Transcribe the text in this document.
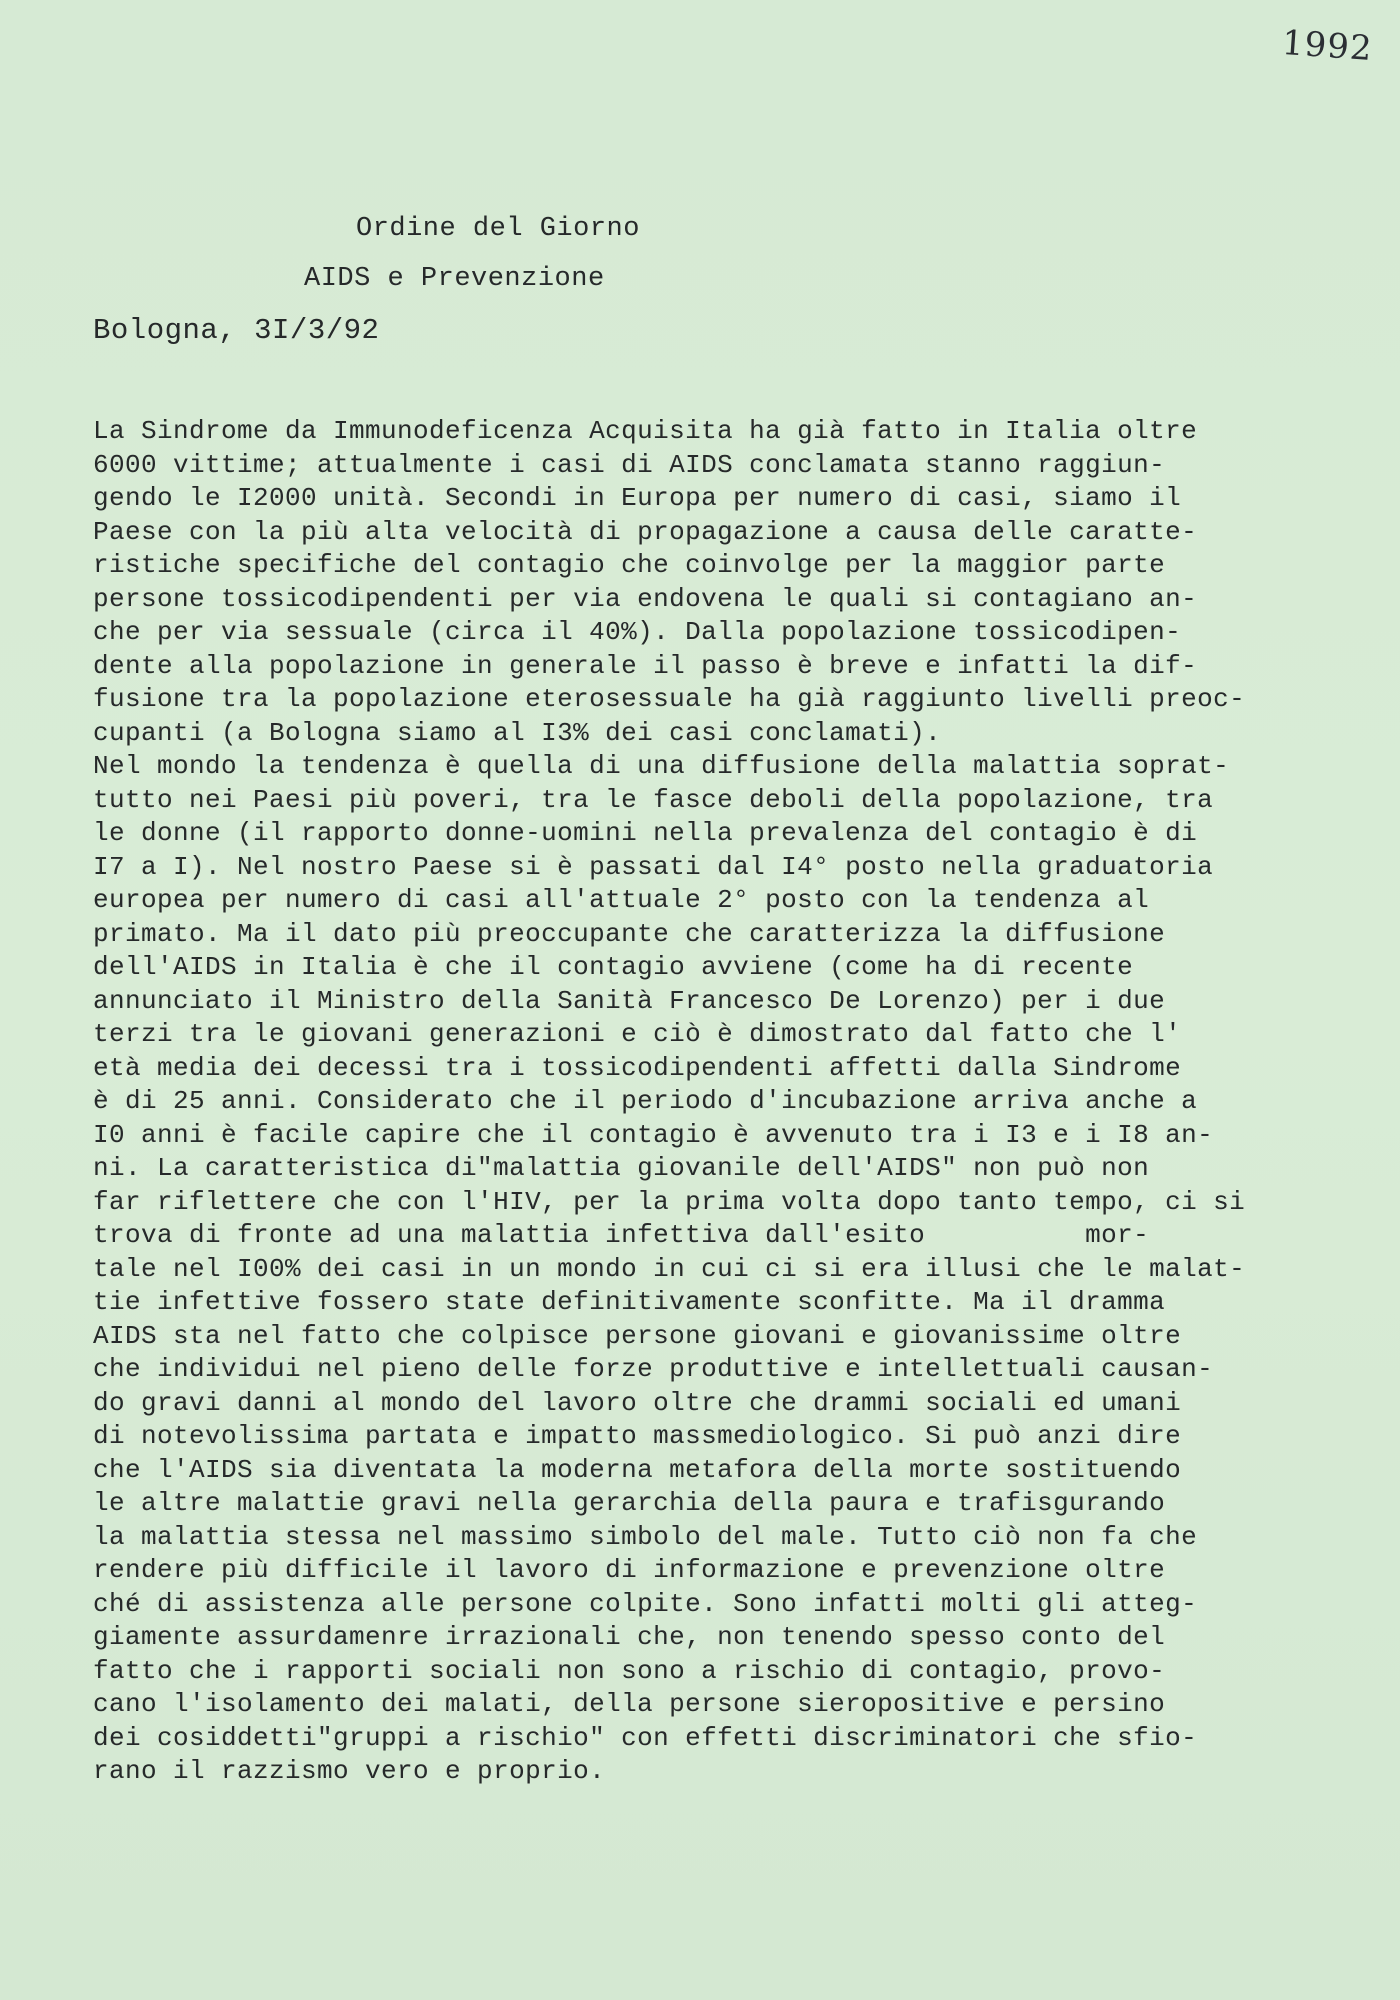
1992
Ordine del Giorno
AIDS e Prevenzione
Bologna, 3I/3/92
La Sindrome da Immunodeficenza Acquisita ha già fatto in Italia oltre
6000 vittime; attualmente i casi di AIDS conclamata stanno raggiun-
gendo le I2000 unità. Secondi in Europa per numero di casi, siamo il
Paese con la più alta velocità di propagazione a causa delle caratte-
ristiche specifiche del contagio che coinvolge per la maggior parte
persone tossicodipendenti per via endovena le quali si contagiano an-
che per via sessuale (circa il 40%). Dalla popolazione tossicodipen-
dente alla popolazione in generale il passo è breve e infatti la dif-
fusione tra la popolazione eterosessuale ha già raggiunto livelli preoc-
cupanti (a Bologna siamo al I3% dei casi conclamati).
Nel mondo la tendenza è quella di una diffusione della malattia soprat-
tutto nei Paesi più poveri, tra le fasce deboli della popolazione, tra
le donne (il rapporto donne-uomini nella prevalenza del contagio è di
I7 a I). Nel nostro Paese si è passati dal I4° posto nella graduatoria
europea per numero di casi all'attuale 2° posto con la tendenza al
primato. Ma il dato più preoccupante che caratterizza la diffusione
dell'AIDS in Italia è che il contagio avviene (come ha di recente
annunciato il Ministro della Sanità Francesco De Lorenzo) per i due
terzi tra le giovani generazioni e ciò è dimostrato dal fatto che l'
età media dei decessi tra i tossicodipendenti affetti dalla Sindrome
è di 25 anni. Considerato che il periodo d'incubazione arriva anche a
I0 anni è facile capire che il contagio è avvenuto tra i I3 e i I8 an-
ni. La caratteristica di"malattia giovanile dell'AIDS" non può non
far riflettere che con l'HIV, per la prima volta dopo tanto tempo, ci si
trova di fronte ad una malattia infettiva dall'esito          mor-
tale nel I00% dei casi in un mondo in cui ci si era illusi che le malat-
tie infettive fossero state definitivamente sconfitte. Ma il dramma
AIDS sta nel fatto che colpisce persone giovani e giovanissime oltre
che individui nel pieno delle forze produttive e intellettuali causan-
do gravi danni al mondo del lavoro oltre che drammi sociali ed umani
di notevolissima partata e impatto massmediologico. Si può anzi dire
che l'AIDS sia diventata la moderna metafora della morte sostituendo
le altre malattie gravi nella gerarchia della paura e trafisgurando
la malattia stessa nel massimo simbolo del male. Tutto ciò non fa che
rendere più difficile il lavoro di informazione e prevenzione oltre
ché di assistenza alle persone colpite. Sono infatti molti gli atteg-
giamente assurdamenre irrazionali che, non tenendo spesso conto del
fatto che i rapporti sociali non sono a rischio di contagio, provo-
cano l'isolamento dei malati, della persone sieropositive e persino
dei cosiddetti"gruppi a rischio" con effetti discriminatori che sfio-
rano il razzismo vero e proprio.
